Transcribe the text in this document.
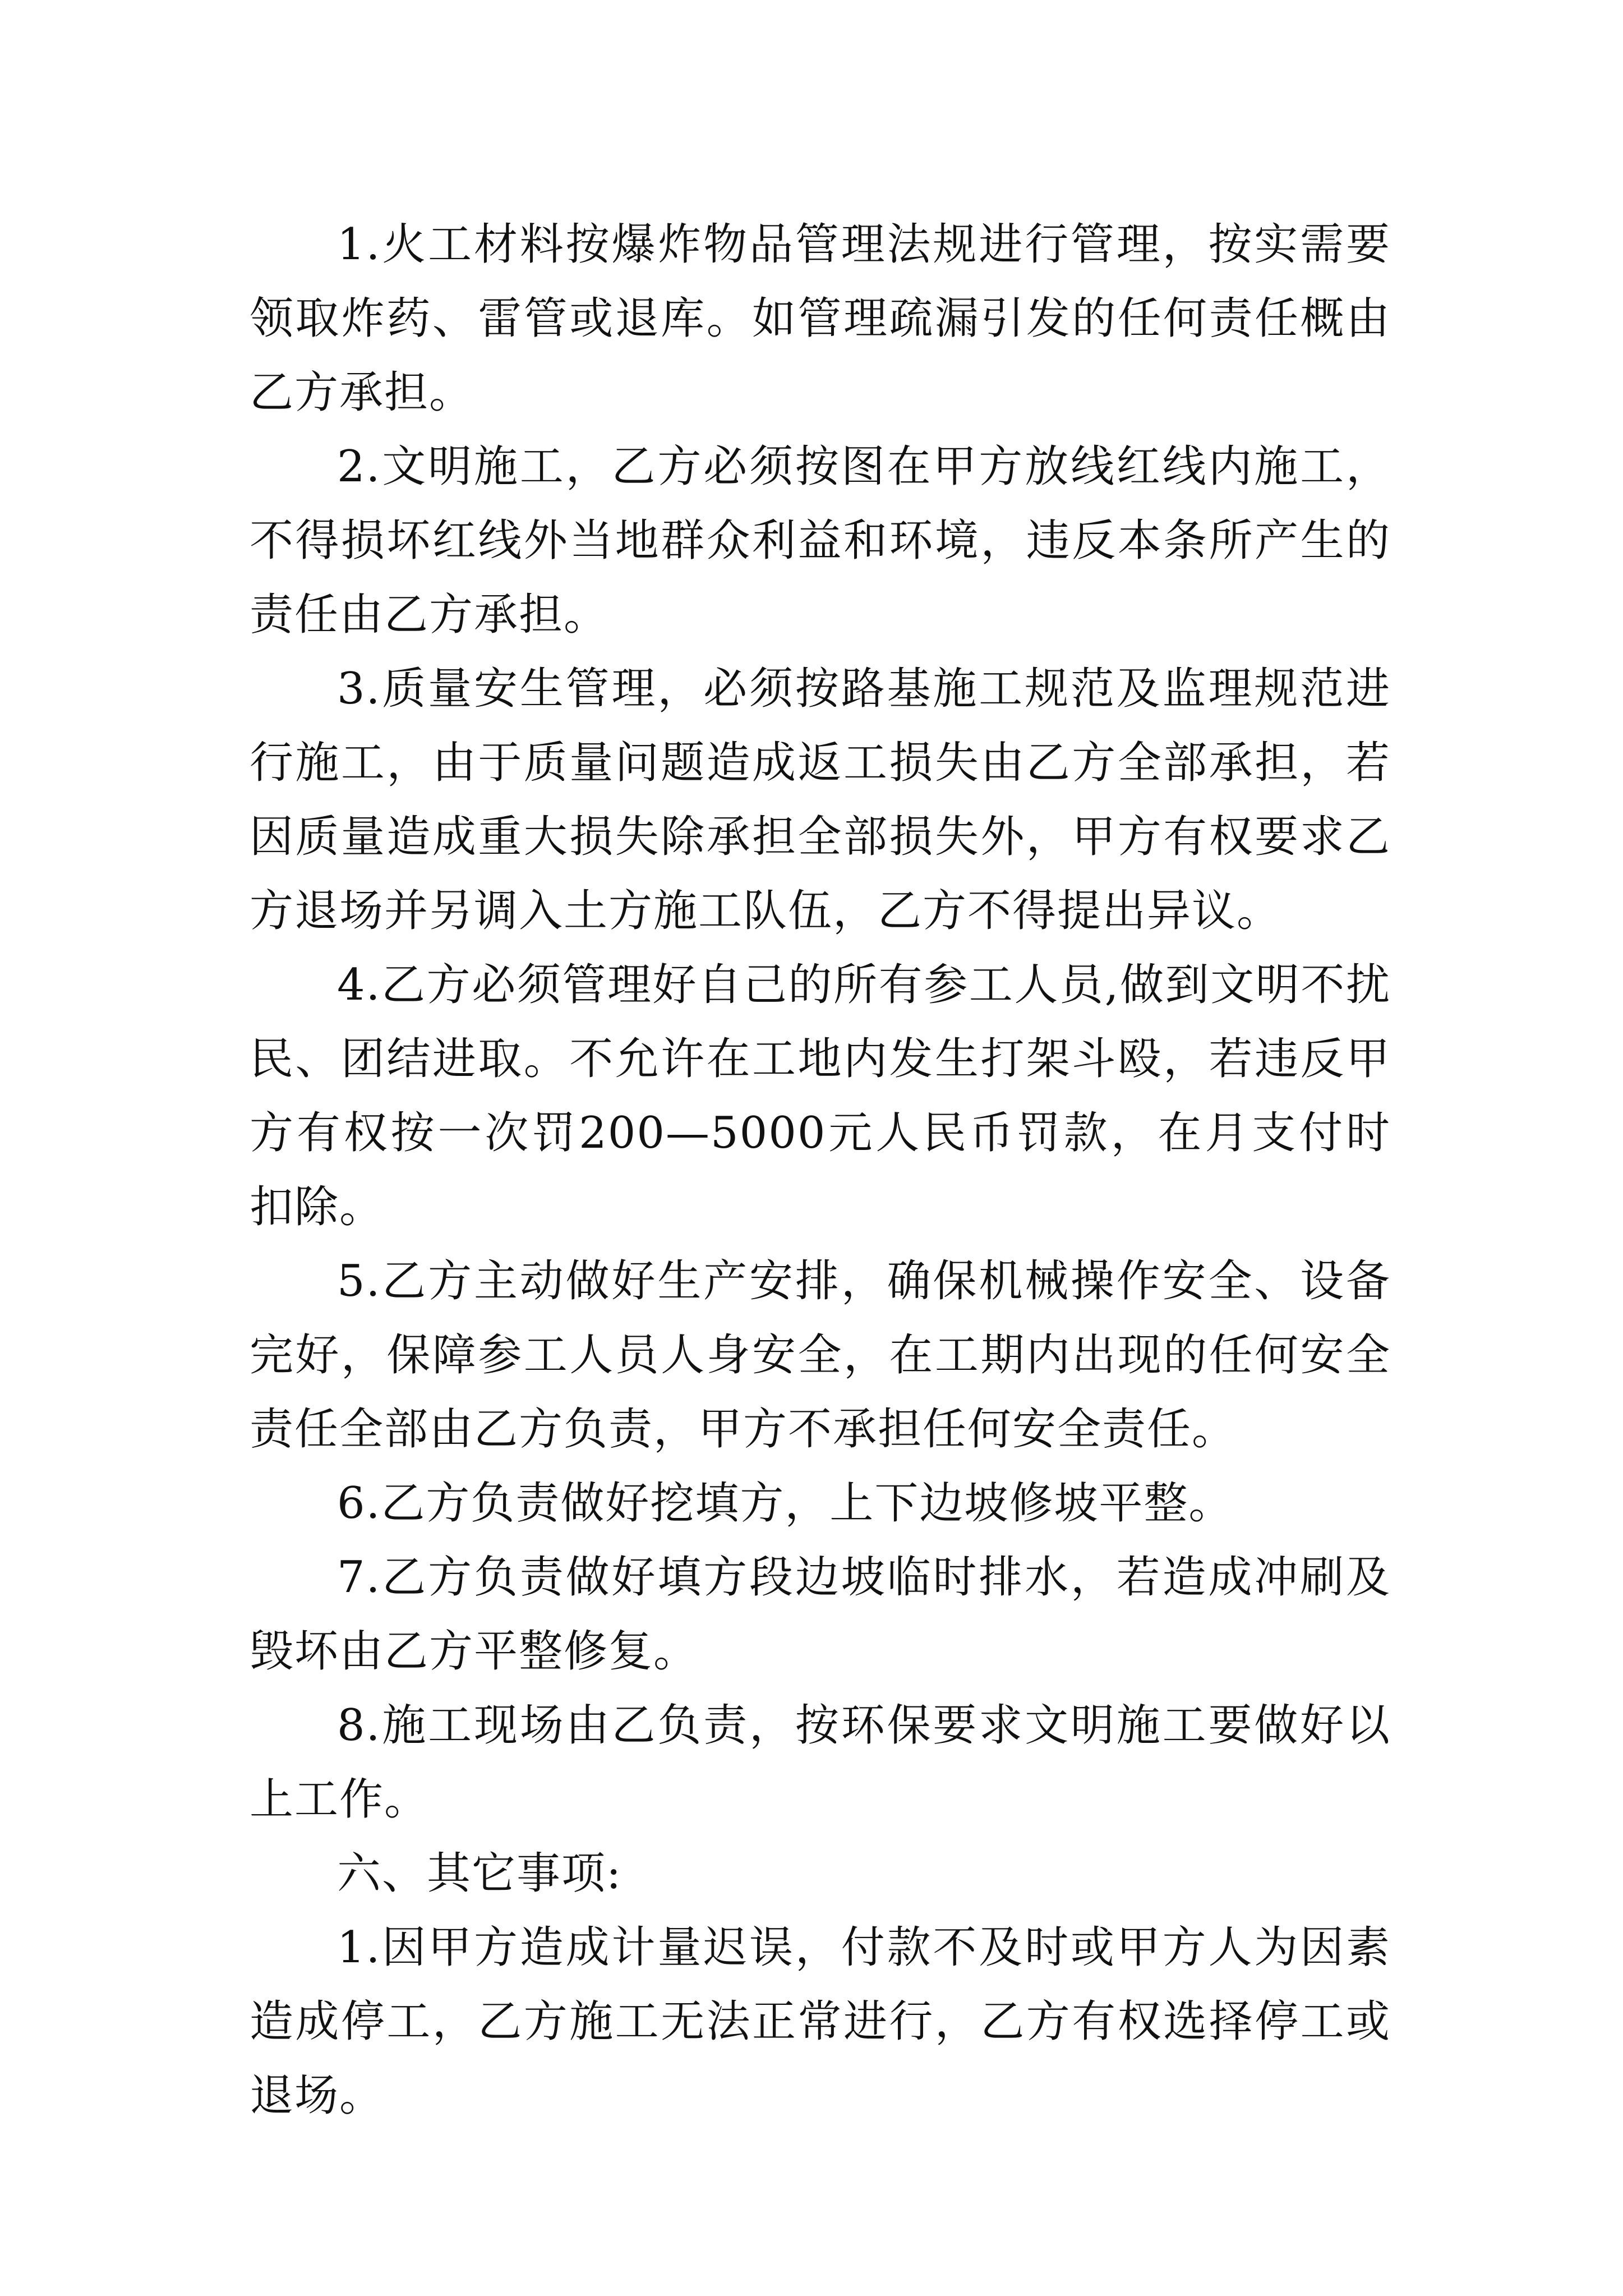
1.火工材料按爆炸物品管理法规进行管理，按实需要领取炸药、雷管或退库。如管理疏漏引发的任何责任概由乙方承担。

2.文明施工，乙方必须按图在甲方放线红线内施工，不得损坏红线外当地群众利益和环境，违反本条所产生的责任由乙方承担。

3.质量安生管理，必须按路基施工规范及监理规范进行施工，由于质量问题造成返工损失由乙方全部承担，若因质量造成重大损失除承担全部损失外，甲方有权要求乙方退场并另调入土方施工队伍，乙方不得提出异议。

4.乙方必须管理好自己的所有参工人员,做到文明不扰民、团结进取。不允许在工地内发生打架斗殴，若违反甲方有权按一次罚200—5000元人民币罚款，在月支付时扣除。

5.乙方主动做好生产安排，确保机械操作安全、设备完好，保障参工人员人身安全，在工期内出现的任何安全责任全部由乙方负责，甲方不承担任何安全责任。

6.乙方负责做好挖填方，上下边坡修坡平整。

7.乙方负责做好填方段边坡临时排水，若造成冲刷及毁坏由乙方平整修复。

8.施工现场由乙负责，按环保要求文明施工要做好以上工作。

六、其它事项:

1.因甲方造成计量迟误，付款不及时或甲方人为因素造成停工，乙方施工无法正常进行，乙方有权选择停工或退场。
